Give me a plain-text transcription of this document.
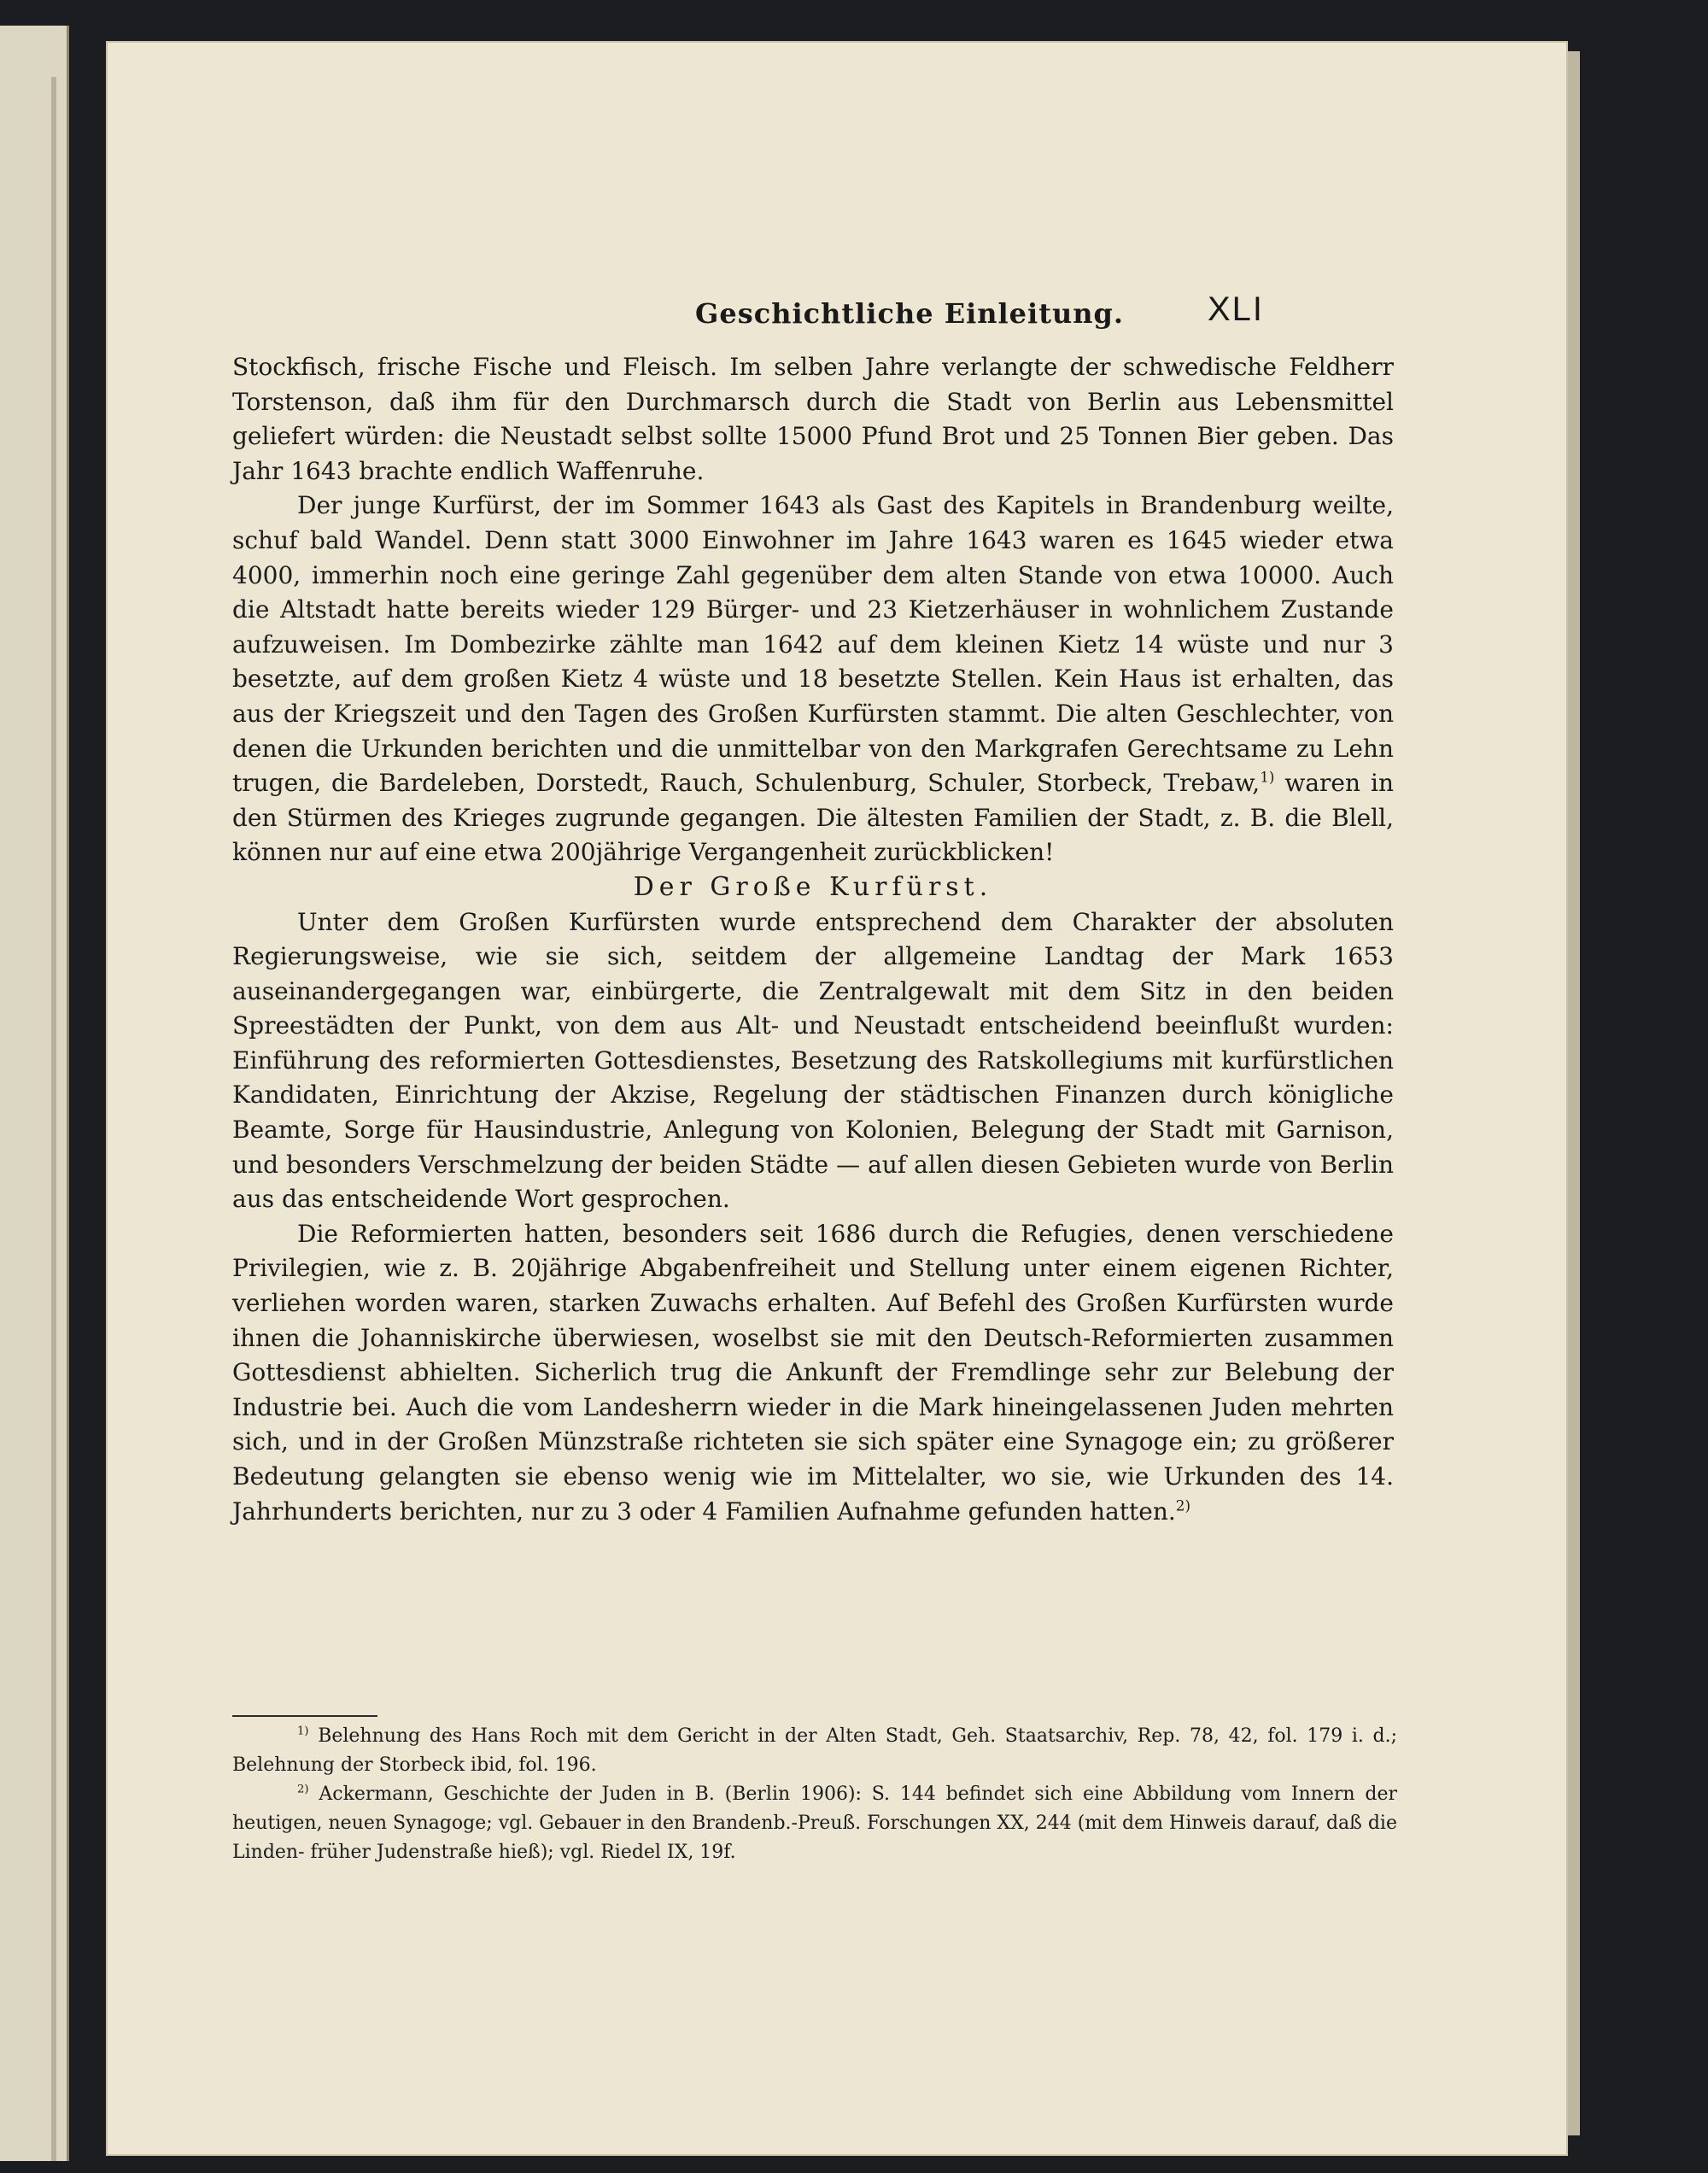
Geschichtliche Einleitung. XLI

Stockfisch, frische Fische und Fleisch. Im selben Jahre verlangte der schwedische Feldherr Torstenson, daß ihm für den Durchmarsch durch die Stadt von Berlin aus Lebensmittel geliefert würden: die Neustadt selbst sollte 15000 Pfund Brot und 25 Tonnen Bier geben. Das Jahr 1643 brachte endlich Waffenruhe.

Der junge Kurfürst, der im Sommer 1643 als Gast des Kapitels in Brandenburg weilte, schuf bald Wandel. Denn statt 3000 Einwohner im Jahre 1643 waren es 1645 wieder etwa 4000, immerhin noch eine geringe Zahl gegenüber dem alten Stande von etwa 10000. Auch die Altstadt hatte bereits wieder 129 Bürger- und 23 Kietzerhäuser in wohnlichem Zustande aufzuweisen. Im Dombezirke zählte man 1642 auf dem kleinen Kietz 14 wüste und nur 3 besetzte, auf dem großen Kietz 4 wüste und 18 besetzte Stellen. Kein Haus ist erhalten, das aus der Kriegszeit und den Tagen des Großen Kurfürsten stammt. Die alten Geschlechter, von denen die Urkunden berichten und die unmittelbar von den Markgrafen Gerechtsame zu Lehn trugen, die Bardeleben, Dorstedt, Rauch, Schulenburg, Schuler, Storbeck, Trebaw,$^{1)}$ waren in den Stürmen des Krieges zugrunde gegangen. Die ältesten Familien der Stadt, z. B. die Blell, können nur auf eine etwa 200jährige Vergangenheit zurückblicken!

Der Große Kurfürst.

Unter dem Großen Kurfürsten wurde entsprechend dem Charakter der absoluten Regierungsweise, wie sie sich, seitdem der allgemeine Landtag der Mark 1653 auseinandergegangen war, einbürgerte, die Zentralgewalt mit dem Sitz in den beiden Spreestädten der Punkt, von dem aus Alt- und Neustadt entscheidend beeinflußt wurden: Einführung des reformierten Gottesdienstes, Besetzung des Ratskollegiums mit kurfürstlichen Kandidaten, Einrichtung der Akzise, Regelung der städtischen Finanzen durch königliche Beamte, Sorge für Hausindustrie, Anlegung von Kolonien, Belegung der Stadt mit Garnison, und besonders Verschmelzung der beiden Städte — auf allen diesen Gebieten wurde von Berlin aus das entscheidende Wort gesprochen.

Die Reformierten hatten, besonders seit 1686 durch die Refugies, denen verschiedene Privilegien, wie z. B. 20jährige Abgabenfreiheit und Stellung unter einem eigenen Richter, verliehen worden waren, starken Zuwachs erhalten. Auf Befehl des Großen Kurfürsten wurde ihnen die Johanniskirche überwiesen, woselbst sie mit den Deutsch-Reformierten zusammen Gottesdienst abhielten. Sicherlich trug die Ankunft der Fremdlinge sehr zur Belebung der Industrie bei. Auch die vom Landesherrn wieder in die Mark hineingelassenen Juden mehrten sich, und in der Großen Münzstraße richteten sie sich später eine Synagoge ein; zu größerer Bedeutung gelangten sie ebenso wenig wie im Mittelalter, wo sie, wie Urkunden des 14. Jahrhunderts berichten, nur zu 3 oder 4 Familien Aufnahme gefunden hatten.$^{2)}$

$^{1)}$ Belehnung des Hans Roch mit dem Gericht in der Alten Stadt, Geh. Staatsarchiv, Rep. 78, 42, fol. 179 i. d.; Belehnung der Storbeck ibid, fol. 196.

$^{2)}$ Ackermann, Geschichte der Juden in B. (Berlin 1906): S. 144 befindet sich eine Abbildung vom Innern der heutigen, neuen Synagoge; vgl. Gebauer in den Brandenb.-Preuß. Forschungen XX, 244 (mit dem Hinweis darauf, daß die Linden- früher Judenstraße hieß); vgl. Riedel IX, 19f.
